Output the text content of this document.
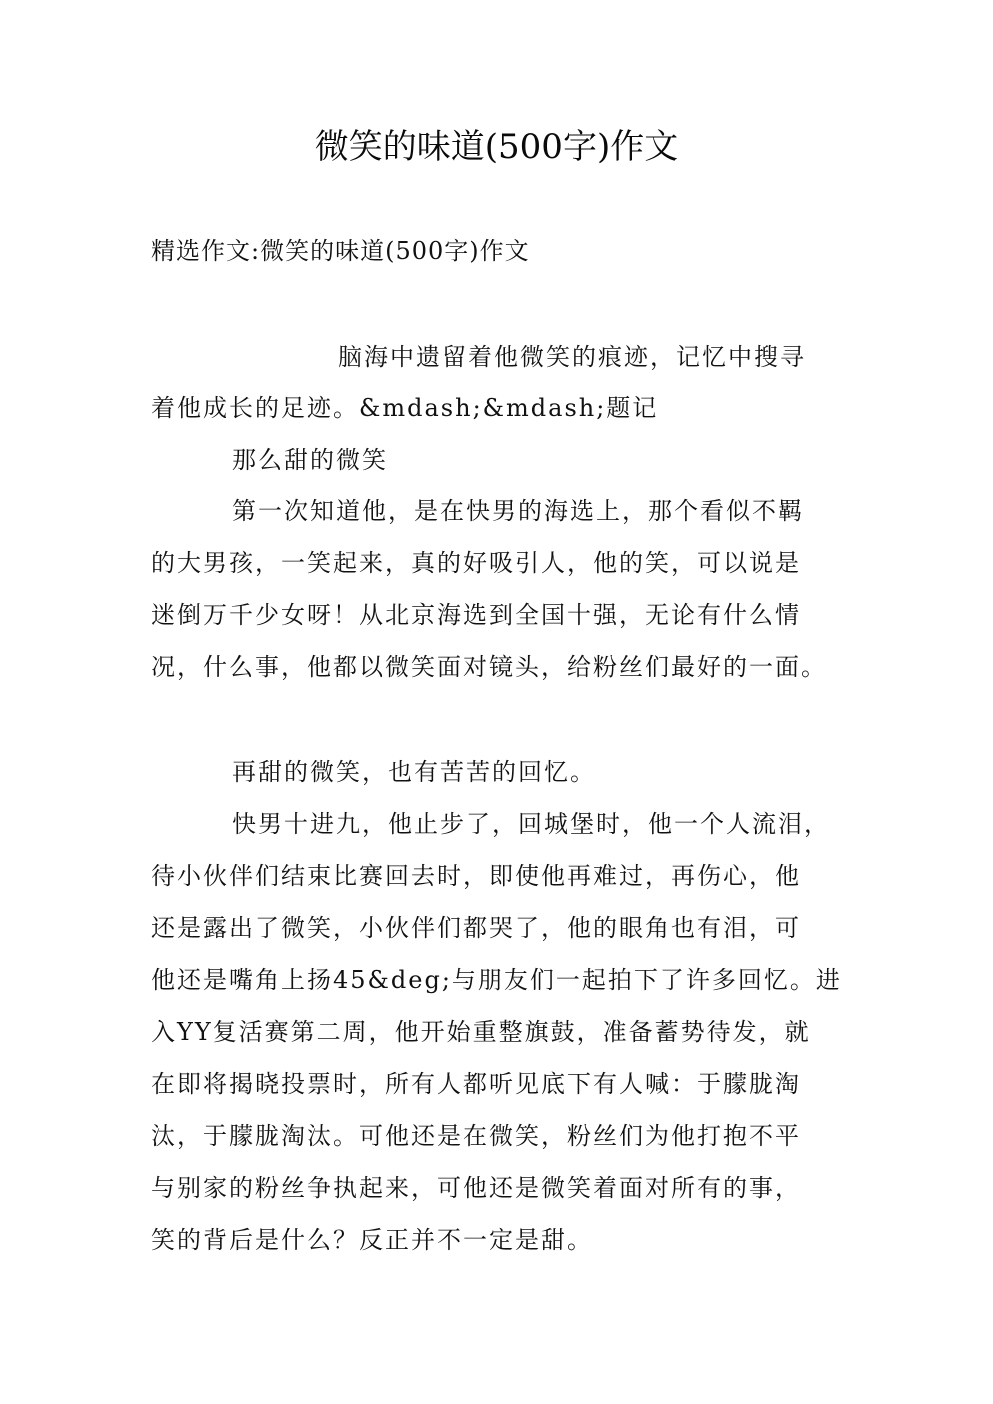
微笑的味道(500字)作文
精选作文:微笑的味道(500字)作文
脑海中遗留着他微笑的痕迹，记忆中搜寻
着他成长的足迹。&mdash;&mdash;题记
那么甜的微笑
第一次知道他，是在快男的海选上，那个看似不羁
的大男孩，一笑起来，真的好吸引人，他的笑，可以说是
迷倒万千少女呀！从北京海选到全国十强，无论有什么情
况，什么事，他都以微笑面对镜头，给粉丝们最好的一面。
再甜的微笑，也有苦苦的回忆。
快男十进九，他止步了，回城堡时，他一个人流泪，
待小伙伴们结束比赛回去时，即使他再难过，再伤心，他
还是露出了微笑，小伙伴们都哭了，他的眼角也有泪，可
他还是嘴角上扬45&deg;与朋友们一起拍下了许多回忆。进
入YY复活赛第二周，他开始重整旗鼓，准备蓄势待发，就
在即将揭晓投票时，所有人都听见底下有人喊：于朦胧淘
汰，于朦胧淘汰。可他还是在微笑，粉丝们为他打抱不平
与别家的粉丝争执起来，可他还是微笑着面对所有的事，
笑的背后是什么？反正并不一定是甜。
